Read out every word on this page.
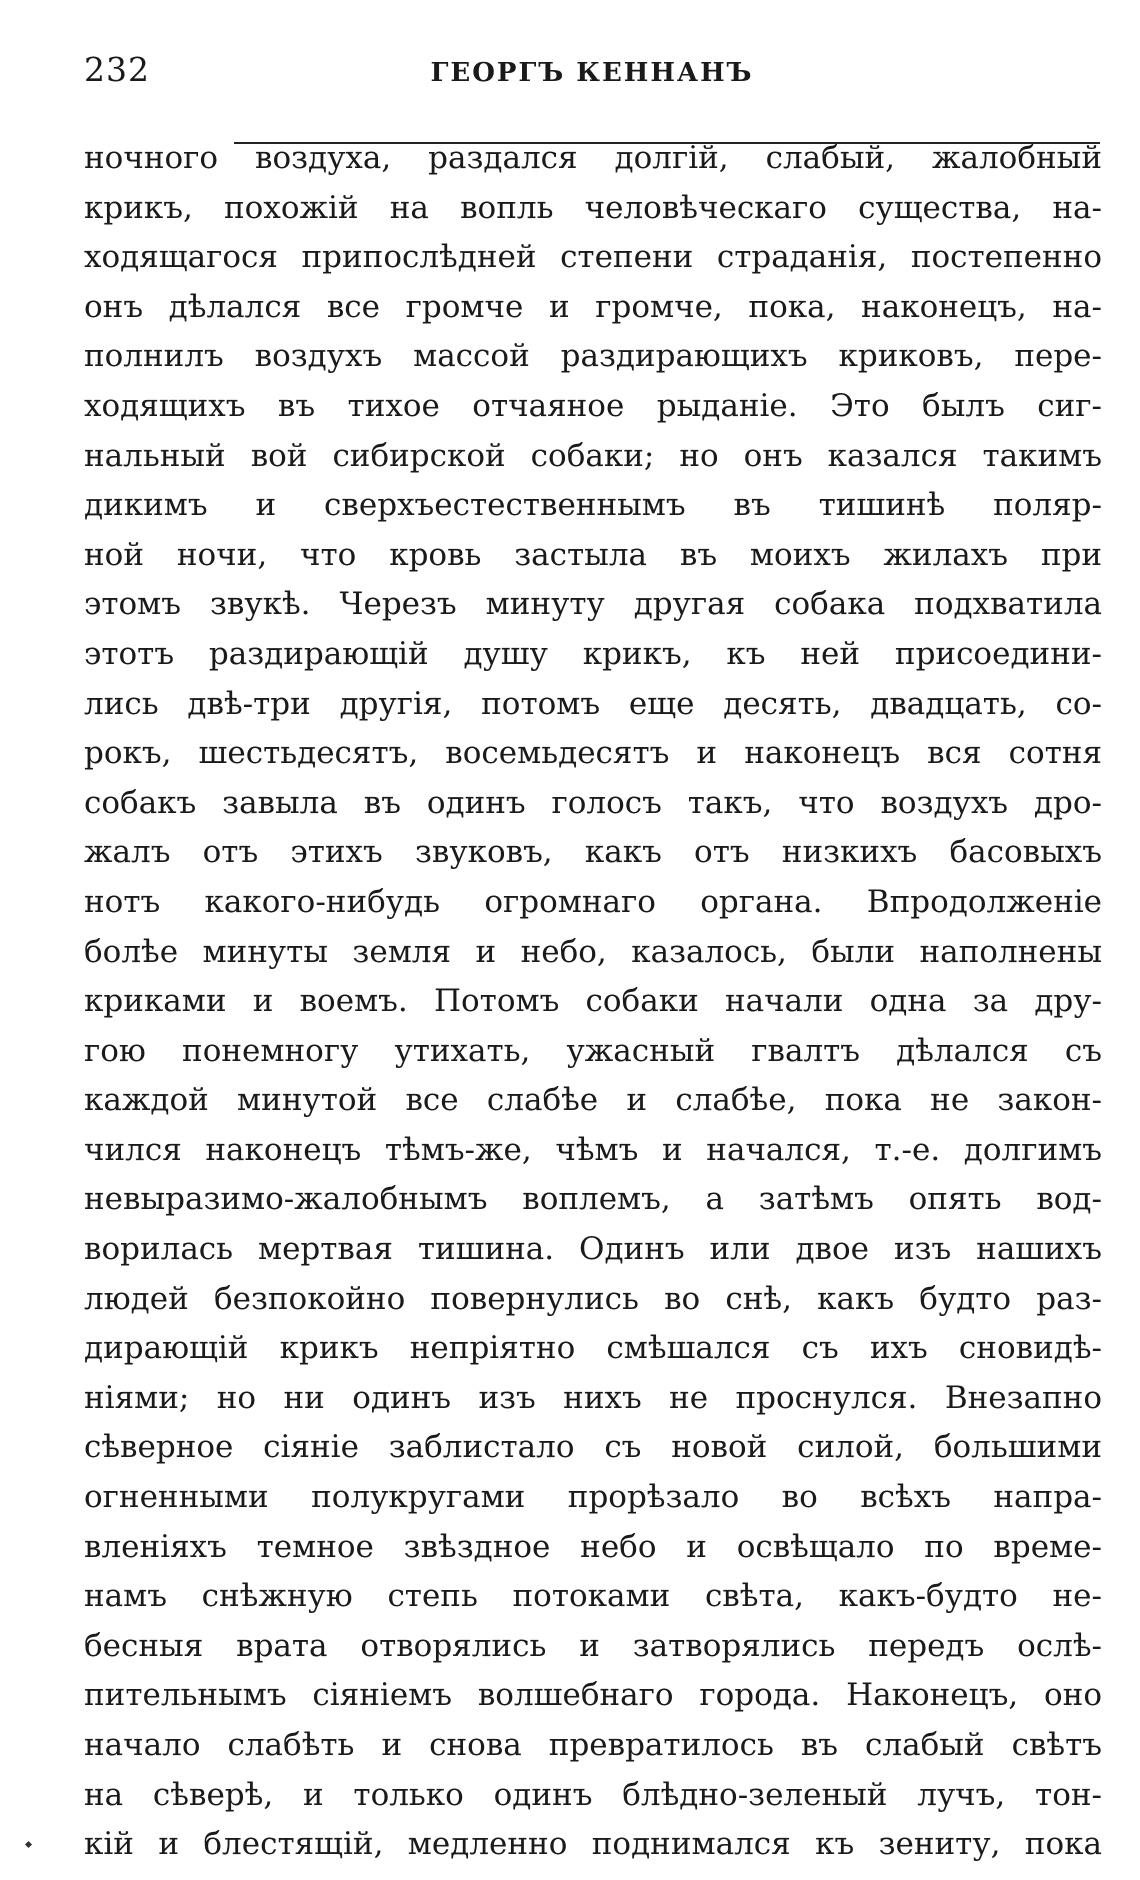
232	ГЕОРГЪ КЕННАНЪ
ночного воздуха, раздался долгій, слабый, жалобный
крикъ, похожій на вопль человѣческаго существа, на-
ходящагося припослѣдней степени страданія, постепенно
онъ дѣлался все громче и громче, пока, наконецъ, на-
полнилъ воздухъ массой раздирающихъ криковъ, пере-
ходящихъ въ тихое отчаяное рыданіе. Это былъ сиг-
нальный вой сибирской собаки; но онъ казался такимъ
дикимъ и сверхъестественнымъ въ тишинѣ поляр-
ной ночи, что кровь застыла въ моихъ жилахъ при
этомъ звукѣ. Черезъ минуту другая собака подхватила
этотъ раздирающій душу крикъ, къ ней присоедини-
лись двѣ-три другія, потомъ еще десять, двадцать, со-
рокъ, шестьдесятъ, восемьдесятъ и наконецъ вся сотня
собакъ завыла въ одинъ голосъ такъ, что воздухъ дро-
жалъ отъ этихъ звуковъ, какъ отъ низкихъ басовыхъ
нотъ какого-нибудь огромнаго органа. Впродолженіе
болѣе минуты земля и небо, казалось, были наполнены
криками и воемъ. Потомъ собаки начали одна за дру-
гою понемногу утихать, ужасный гвалтъ дѣлался съ
каждой минутой все слабѣе и слабѣе, пока не закон-
чился наконецъ тѣмъ-же, чѣмъ и начался, т.-е. долгимъ
невыразимо-жалобнымъ воплемъ, а затѣмъ опять вод-
ворилась мертвая тишина. Одинъ или двое изъ нашихъ
людей безпокойно повернулись во снѣ, какъ будто раз-
дирающій крикъ непріятно смѣшался съ ихъ сновидѣ-
ніями; но ни одинъ изъ нихъ не проснулся. Внезапно
сѣверное сіяніе заблистало съ новой силой, большими
огненными полукругами прорѣзало во всѣхъ напра-
вленіяхъ темное звѣздное небо и освѣщало по време-
намъ снѣжную степь потоками свѣта, какъ-будто не-
бесныя врата отворялись и затворялись передъ ослѣ-
пительнымъ сіяніемъ волшебнаго города. Наконецъ, оно
начало слабѣть и снова превратилось въ слабый свѣтъ
на сѣверѣ, и только одинъ блѣдно-зеленый лучъ, тон-
кій и блестящій, медленно поднимался къ зениту, пока
